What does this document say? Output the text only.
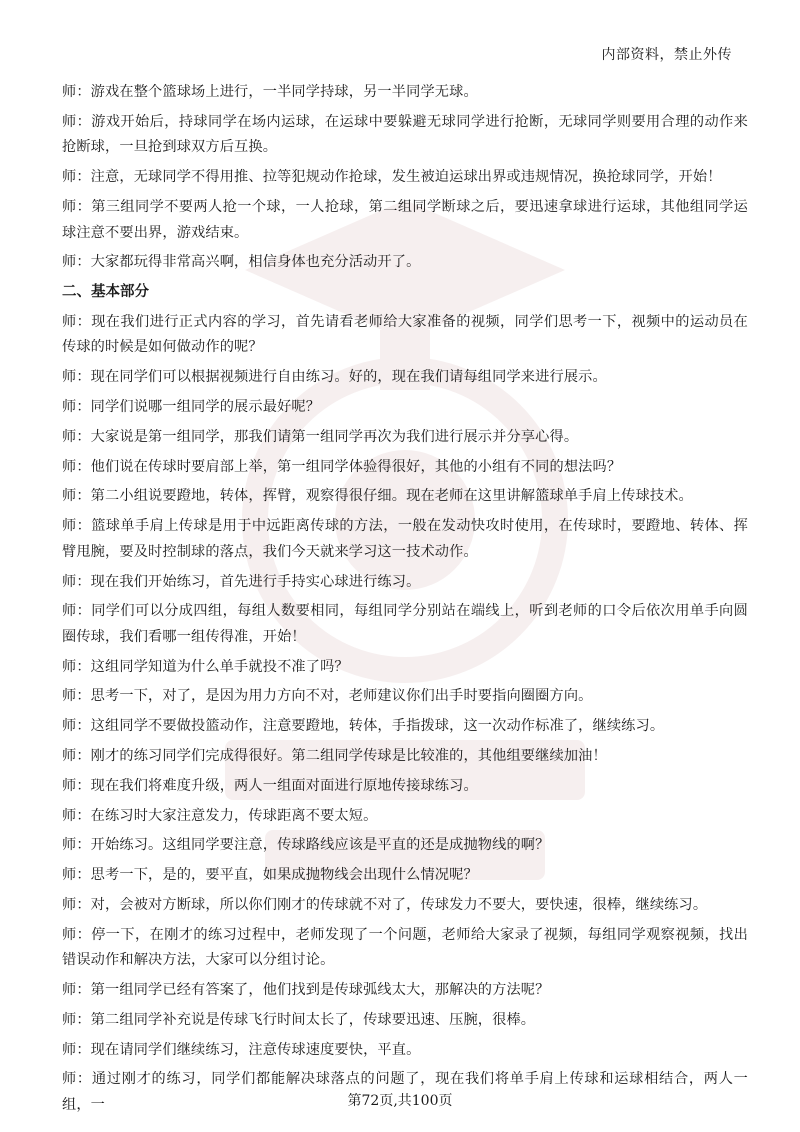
内部资料，禁止外传

师：游戏在整个篮球场上进行，一半同学持球，另一半同学无球。

师：游戏开始后，持球同学在场内运球，在运球中要躲避无球同学进行抢断，无球同学则要用合理的动作来抢断球，一旦抢到球双方后互换。

师：注意，无球同学不得用推、拉等犯规动作抢球，发生被迫运球出界或违规情况，换抢球同学，开始！

师：第三组同学不要两人抢一个球，一人抢球，第二组同学断球之后，要迅速拿球进行运球，其他组同学运球注意不要出界，游戏结束。

师：大家都玩得非常高兴啊，相信身体也充分活动开了。

二、基本部分

师：现在我们进行正式内容的学习，首先请看老师给大家准备的视频，同学们思考一下，视频中的运动员在传球的时候是如何做动作的呢？

师：现在同学们可以根据视频进行自由练习。好的，现在我们请每组同学来进行展示。

师：同学们说哪一组同学的展示最好呢？

师：大家说是第一组同学，那我们请第一组同学再次为我们进行展示并分享心得。

师：他们说在传球时要肩部上举，第一组同学体验得很好，其他的小组有不同的想法吗？

师：第二小组说要蹬地，转体，挥臂，观察得很仔细。现在老师在这里讲解篮球单手肩上传球技术。

师：篮球单手肩上传球是用于中远距离传球的方法，一般在发动快攻时使用，在传球时，要蹬地、转体、挥臂甩腕，要及时控制球的落点，我们今天就来学习这一技术动作。

师：现在我们开始练习，首先进行手持实心球进行练习。

师：同学们可以分成四组，每组人数要相同，每组同学分别站在端线上，听到老师的口令后依次用单手向圆圈传球，我们看哪一组传得准，开始！

师：这组同学知道为什么单手就投不准了吗？

师：思考一下，对了，是因为用力方向不对，老师建议你们出手时要指向圈圈方向。

师：这组同学不要做投篮动作，注意要蹬地，转体，手指拨球，这一次动作标准了，继续练习。

师：刚才的练习同学们完成得很好。第二组同学传球是比较准的，其他组要继续加油！

师：现在我们将难度升级，两人一组面对面进行原地传接球练习。

师：在练习时大家注意发力，传球距离不要太短。

师：开始练习。这组同学要注意，传球路线应该是平直的还是成抛物线的啊？

师：思考一下，是的，要平直，如果成抛物线会出现什么情况呢？

师：对，会被对方断球，所以你们刚才的传球就不对了，传球发力不要大，要快速，很棒，继续练习。

师：停一下，在刚才的练习过程中，老师发现了一个问题，老师给大家录了视频，每组同学观察视频，找出错误动作和解决方法，大家可以分组讨论。

师：第一组同学已经有答案了，他们找到是传球弧线太大，那解决的方法呢？

师：第二组同学补充说是传球飞行时间太长了，传球要迅速、压腕，很棒。

师：现在请同学们继续练习，注意传球速度要快，平直。

师：通过刚才的练习，同学们都能解决球落点的问题了，现在我们将单手肩上传球和运球相结合，两人一组，一	第72页,共100页
